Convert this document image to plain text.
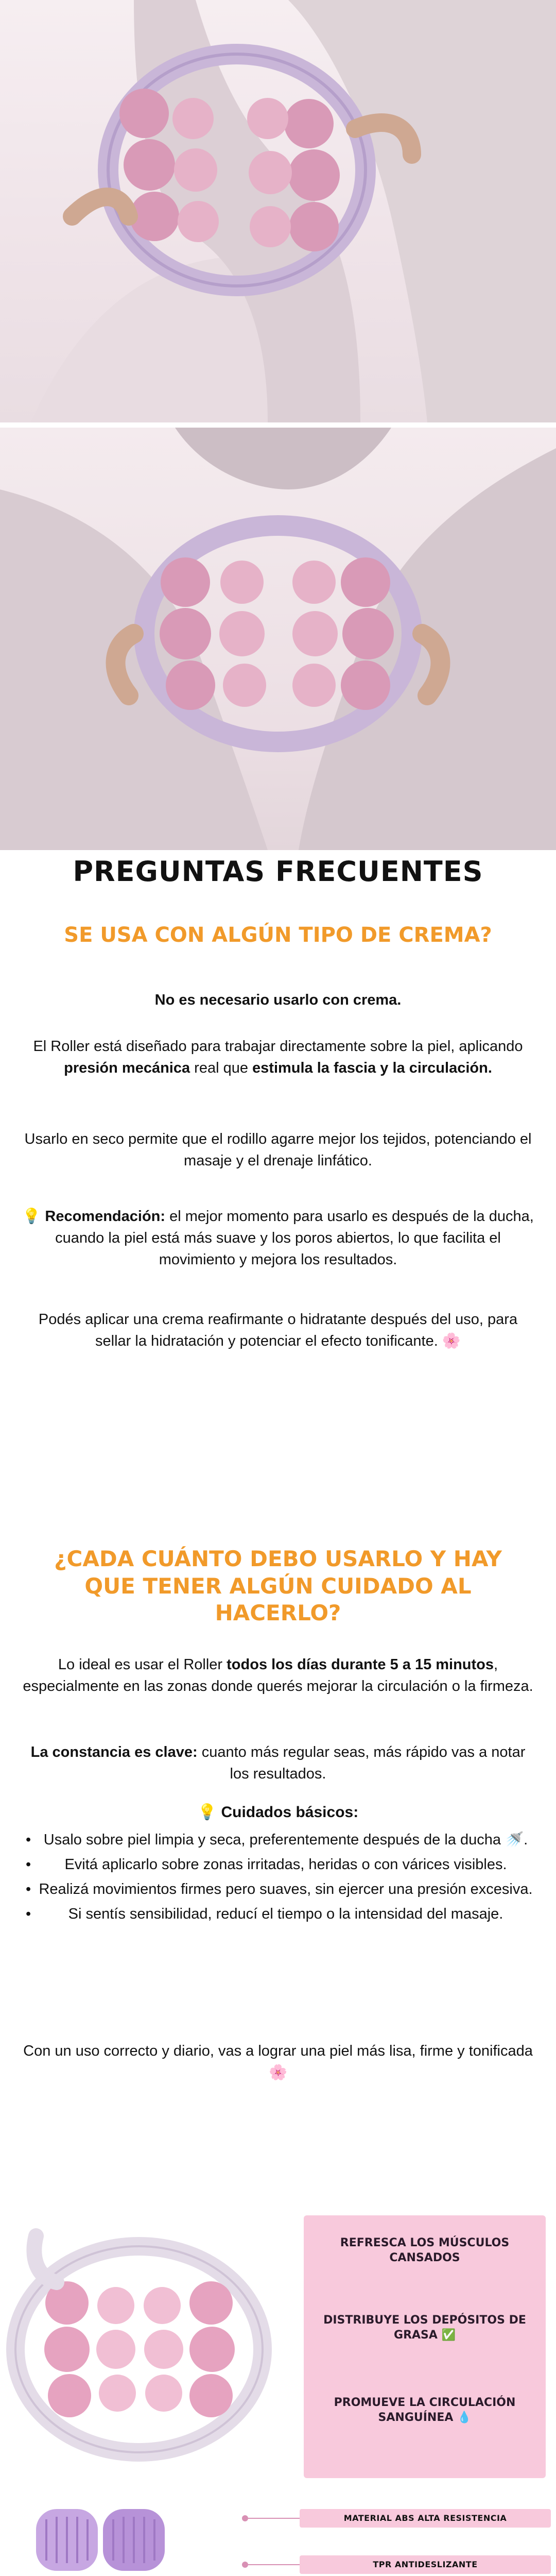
PREGUNTAS FRECUENTES
SE USA CON ALGÚN TIPO DE CREMA?
No es necesario usarlo con crema.
El Roller está diseñado para trabajar directamente sobre la piel, aplicando presión mecánica real que estimula la fascia y la circulación.
Usarlo en seco permite que el rodillo agarre mejor los tejidos, potenciando el masaje y el drenaje linfático.
💡 Recomendación: el mejor momento para usarlo es después de la ducha, cuando la piel está más suave y los poros abiertos, lo que facilita el movimiento y mejora los resultados.
Podés aplicar una crema reafirmante o hidratante después del uso, para sellar la hidratación y potenciar el efecto tonificante. 🌸
¿CADA CUÁNTO DEBO USARLO Y HAY QUE TENER ALGÚN CUIDADO AL HACERLO?
Lo ideal es usar el Roller todos los días durante 5 a 15 minutos, especialmente en las zonas donde querés mejorar la circulación o la firmeza.
La constancia es clave: cuanto más regular seas, más rápido vas a notar los resultados.
💡 Cuidados básicos:
• Usalo sobre piel limpia y seca, preferentemente después de la ducha 🚿.
• Evitá aplicarlo sobre zonas irritadas, heridas o con várices visibles.
• Realizá movimientos firmes pero suaves, sin ejercer una presión excesiva.
• Si sentís sensibilidad, reducí el tiempo o la intensidad del masaje.
Con un uso correcto y diario, vas a lograr una piel más lisa, firme y tonificada 🌸
REFRESCA LOS MÚSCULOS CANSADOS
DISTRIBUYE LOS DEPÓSITOS DE GRASA ✅
PROMUEVE LA CIRCULACIÓN SANGUÍNEA 💧
MATERIAL ABS ALTA RESISTENCIA
TPR ANTIDESLIZANTE
